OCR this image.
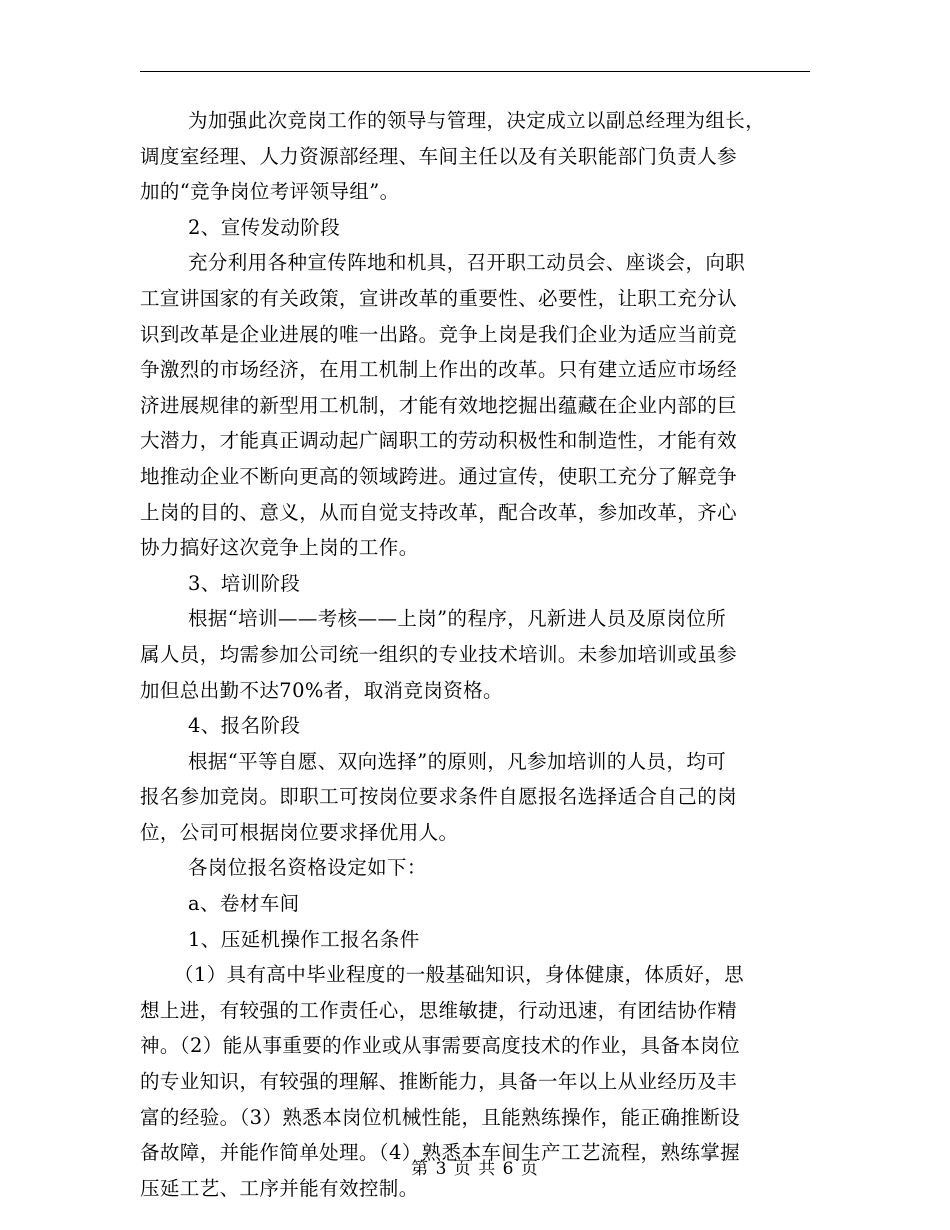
为加强此次竞岗工作的领导与管理，决定成立以副总经理为组长，
调度室经理、人力资源部经理、车间主任以及有关职能部门负责人参
加的“竞争岗位考评领导组”。
2、宣传发动阶段
充分利用各种宣传阵地和机具，召开职工动员会、座谈会，向职
工宣讲国家的有关政策，宣讲改革的重要性、必要性，让职工充分认
识到改革是企业进展的唯一出路。竞争上岗是我们企业为适应当前竞
争激烈的市场经济，在用工机制上作出的改革。只有建立适应市场经
济进展规律的新型用工机制，才能有效地挖掘出蕴藏在企业内部的巨
大潜力，才能真正调动起广阔职工的劳动积极性和制造性，才能有效
地推动企业不断向更高的领域跨进。通过宣传，使职工充分了解竞争
上岗的目的、意义，从而自觉支持改革，配合改革，参加改革，齐心
协力搞好这次竞争上岗的工作。
3、培训阶段
根据“培训——考核——上岗”的程序，凡新进人员及原岗位所
属人员，均需参加公司统一组织的专业技术培训。未参加培训或虽参
加但总出勤不达70%者，取消竞岗资格。
4、报名阶段
根据“平等自愿、双向选择”的原则，凡参加培训的人员，均可
报名参加竞岗。即职工可按岗位要求条件自愿报名选择适合自己的岗
位，公司可根据岗位要求择优用人。
各岗位报名资格设定如下：
a、卷材车间
1、压延机操作工报名条件
（1）具有高中毕业程度的一般基础知识，身体健康，体质好，思
想上进，有较强的工作责任心，思维敏捷，行动迅速，有团结协作精
神。（2）能从事重要的作业或从事需要高度技术的作业，具备本岗位
的专业知识，有较强的理解、推断能力，具备一年以上从业经历及丰
富的经验。（3）熟悉本岗位机械性能，且能熟练操作，能正确推断设
备故障，并能作简单处理。（4）熟悉本车间生产工艺流程，熟练掌握
压延工艺、工序并能有效控制。
第 3 页 共 6 页
